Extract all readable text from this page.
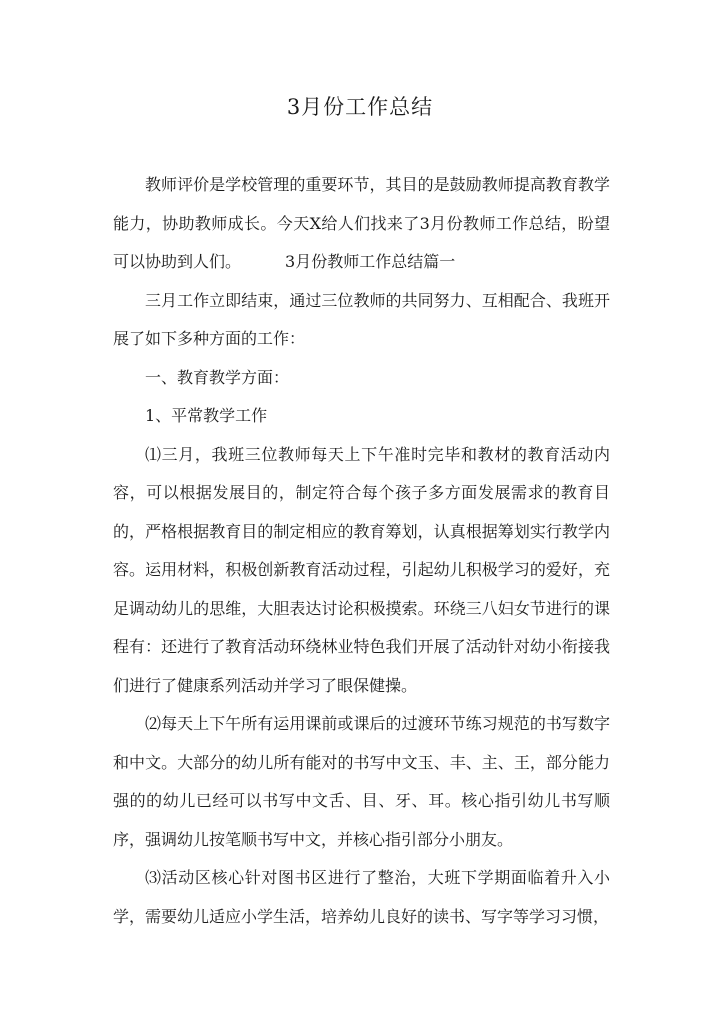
3月份工作总结

教师评价是学校管理的重要环节，其目的是鼓励教师提高教育教学能力，协助教师成长。今天X给人们找来了3月份教师工作总结，盼望可以协助到人们。	3月份教师工作总结篇一

三月工作立即结束，通过三位教师的共同努力、互相配合、我班开展了如下多种方面的工作：

一、教育教学方面：

1、平常教学工作

⑴三月，我班三位教师每天上下午准时完毕和教材的教育活动内容，可以根据发展目的，制定符合每个孩子多方面发展需求的教育目的，严格根据教育目的制定相应的教育筹划，认真根据筹划实行教学内容。运用材料，积极创新教育活动过程，引起幼儿积极学习的爱好，充足调动幼儿的思维，大胆表达讨论积极摸索。环绕三八妇女节进行的课程有：还进行了教育活动环绕林业特色我们开展了活动针对幼小衔接我们进行了健康系列活动并学习了眼保健操。

⑵每天上下午所有运用课前或课后的过渡环节练习规范的书写数字和中文。大部分的幼儿所有能对的书写中文玉、丰、主、王，部分能力强的的幼儿已经可以书写中文舌、目、牙、耳。核心指引幼儿书写顺序，强调幼儿按笔顺书写中文，并核心指引部分小朋友。

⑶活动区核心针对图书区进行了整治，大班下学期面临着升入小学，需要幼儿适应小学生活，培养幼儿良好的读书、写字等学习习惯，
